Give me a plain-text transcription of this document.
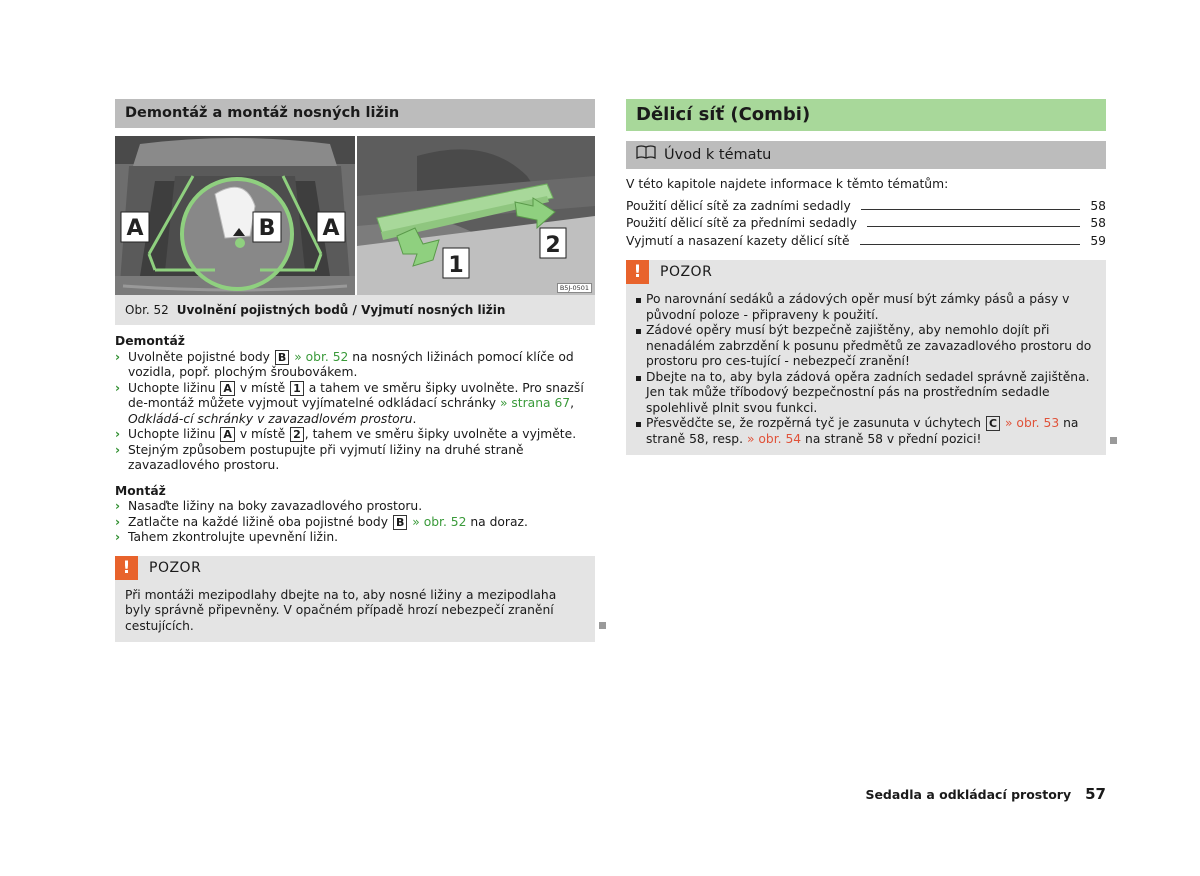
Demontáž a montáž nosných ližin
A	B A
1
2
B5J-0501
Obr. 52 Uvolnění pojistných bodů / Vyjmutí nosných ližin
Demontáž
› Uvolněte pojistné body B » obr. 52 na nosných ližinách pomocí klíče od vozidla, popř. plochým šroubovákem.
› Uchopte ližinu A v místě 1 a tahem ve směru šipky uvolněte. Pro snazší de-montáž můžete vyjmout vyjímatelné odkládací schránky » strana 67, Odkládá-cí schránky v zavazadlovém prostoru.
› Uchopte ližinu A v místě 2 , tahem ve směru šipky uvolněte a vyjměte.
› Stejným způsobem postupujte při vyjmutí ližiny na druhé straně zavazadlového prostoru.
Montáž
› Nasaďte ližiny na boky zavazadlového prostoru.
› Zatlačte na každé ližině oba pojistné body B » obr. 52 na doraz.
› Tahem zkontrolujte upevnění ližin.
!	POZOR
Při montáži mezipodlahy dbejte na to, aby nosné ližiny a mezipodlaha byly správně připevněny. V opačném případě hrozí nebezpečí zranění cestujících.
Dělicí síť (Combi)
Úvod k tématu
V této kapitole najdete informace k těmto tématům:
Použití dělicí sítě za zadními sedadly	58
Použití dělicí sítě za předními sedadly	58
Vyjmutí a nasazení kazety dělicí sítě	59
!	POZOR
Po narovnání sedáků a zádových opěr musí být zámky pásů a pásy v původní poloze - připraveny k použití.
Zádové opěry musí být bezpečně zajištěny, aby nemohlo dojít při nenadálém zabrzdění k posunu předmětů ze zavazadlového prostoru do prostoru pro ces-tující - nebezpečí zranění!
Dbejte na to, aby byla zádová opěra zadních sedadel správně zajištěna. Jen tak může tříbodový bezpečnostní pás na prostředním sedadle spolehlivě plnit svou funkci.
Přesvědčte se, že rozpěrná tyč je zasunuta v úchytech C » obr. 53 na straně 58, resp. » obr. 54 na straně 58 v přední pozici!
Sedadla a odkládací prostory 57
